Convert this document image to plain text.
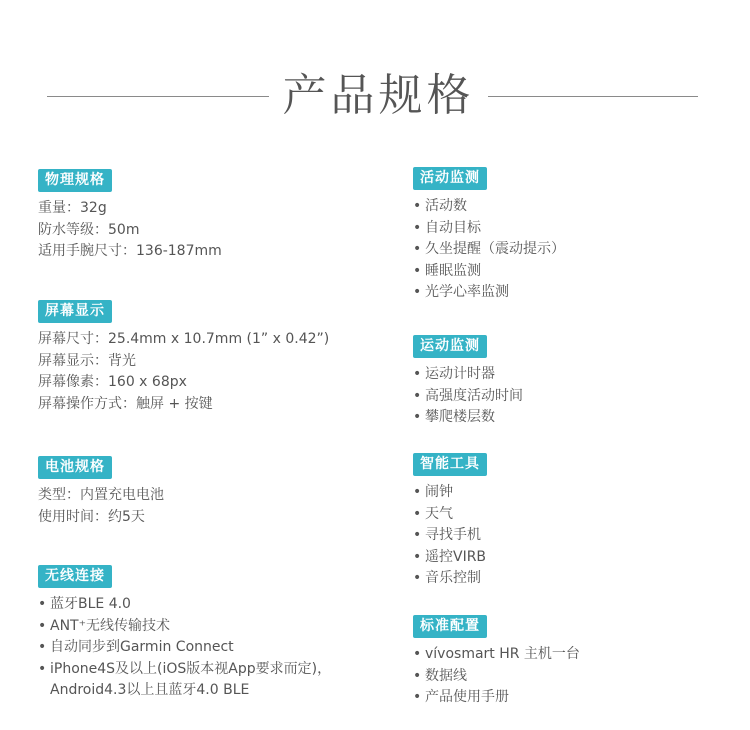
产品规格
物理规格
重量：32g
防水等级：50m
适用手腕尺寸：136-187mm
屏幕显示
屏幕尺寸：25.4mm x 10.7mm (1” x 0.42”)
屏幕显示：背光
屏幕像素：160 x 68px
屏幕操作方式：触屏 + 按键
电池规格
类型：内置充电电池
使用时间：约5天
无线连接
• 蓝牙BLE 4.0
• ANT⁺无线传输技术
• 自动同步到Garmin Connect
• iPhone4S及以上(iOS版本视App要求而定)，
Android4.3以上且蓝牙4.0 BLE
活动监测
• 活动数
• 自动目标
• 久坐提醒（震动提示）
• 睡眠监测
• 光学心率监测
运动监测
• 运动计时器
• 高强度活动时间
• 攀爬楼层数
智能工具
• 闹钟
• 天气
• 寻找手机
• 遥控VIRB
• 音乐控制
标准配置
• vívosmart HR 主机一台
• 数据线
• 产品使用手册
